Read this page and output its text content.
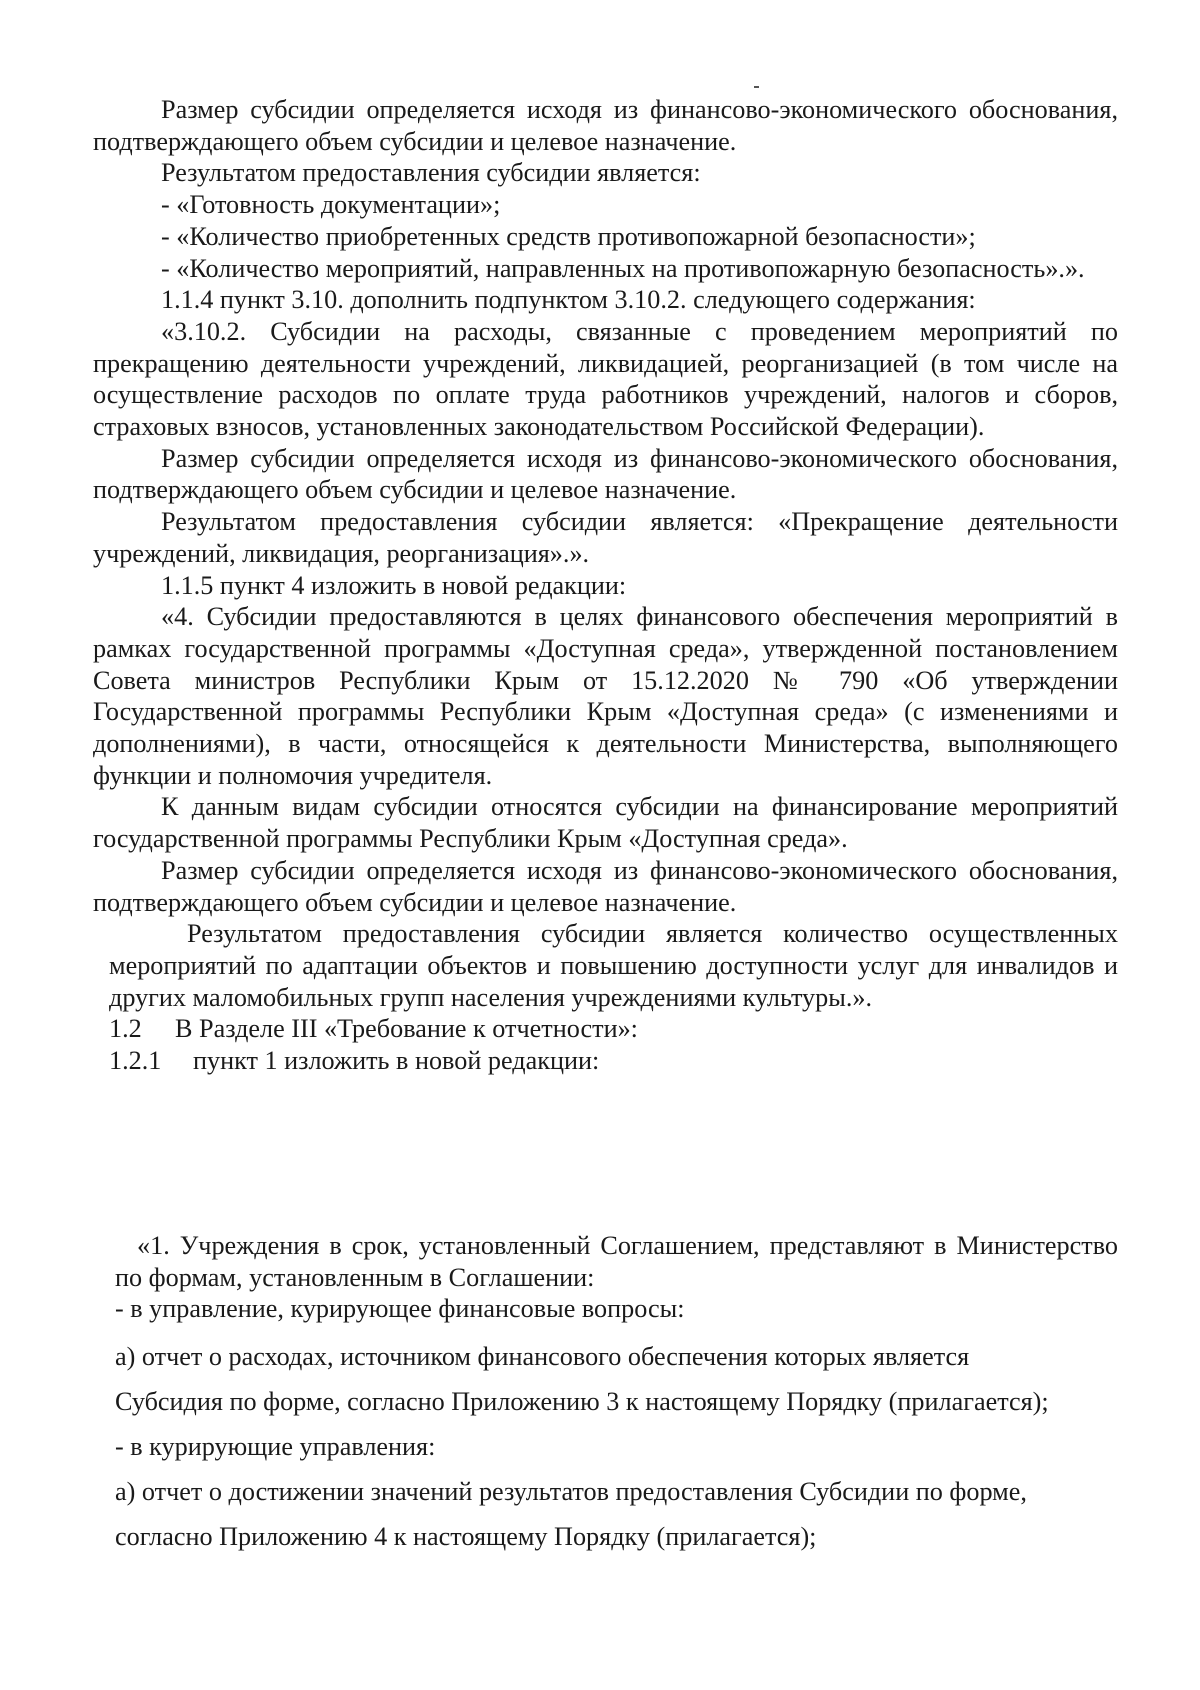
Размер субсидии определяется исходя из финансово-экономического обоснования, подтверждающего объем субсидии и целевое назначение.

Результатом предоставления субсидии является:

- «Готовность документации»;

- «Количество приобретенных средств противопожарной безопасности»;

- «Количество мероприятий, направленных на противопожарную безопасность».».

1.1.4 пункт 3.10. дополнить подпунктом 3.10.2. следующего содержания:

«3.10.2. Субсидии на расходы, связанные с проведением мероприятий по прекращению деятельности учреждений, ликвидацией, реорганизацией (в том числе на осуществление расходов по оплате труда работников учреждений, налогов и сборов, страховых взносов, установленных законодательством Российской Федерации).

Размер субсидии определяется исходя из финансово-экономического обоснования, подтверждающего объем субсидии и целевое назначение.

Результатом предоставления субсидии является: «Прекращение деятельности учреждений, ликвидация, реорганизация».».

1.1.5 пункт 4 изложить в новой редакции:

«4. Субсидии предоставляются в целях финансового обеспечения мероприятий в рамках государственной программы «Доступная среда», утвержденной постановлением Совета министров Республики Крым от 15.12.2020 № 790 «Об утверждении Государственной программы Республики Крым «Доступная среда» (с изменениями и дополнениями), в части, относящейся к деятельности Министерства, выполняющего функции и полномочия учредителя.

К данным видам субсидии относятся субсидии на финансирование мероприятий государственной программы Республики Крым «Доступная среда».

Размер субсидии определяется исходя из финансово-экономического обоснования, подтверждающего объем субсидии и целевое назначение.

Результатом предоставления субсидии является количество осуществленных мероприятий по адаптации объектов и повышению доступности услуг для инвалидов и других маломобильных групп населения учреждениями культуры.».

1.2 В Разделе III «Требование к отчетности»:

1.2.1 пункт 1 изложить в новой редакции:

«1. Учреждения в срок, установленный Соглашением, представляют в Министерство по формам, установленным в Соглашении:

- в управление, курирующее финансовые вопросы:

а) отчет о расходах, источником финансового обеспечения которых является Субсидия по форме, согласно Приложению 3 к настоящему Порядку (прилагается);

- в курирующие управления:

а) отчет о достижении значений результатов предоставления Субсидии по форме, согласно Приложению 4 к настоящему Порядку (прилагается);
